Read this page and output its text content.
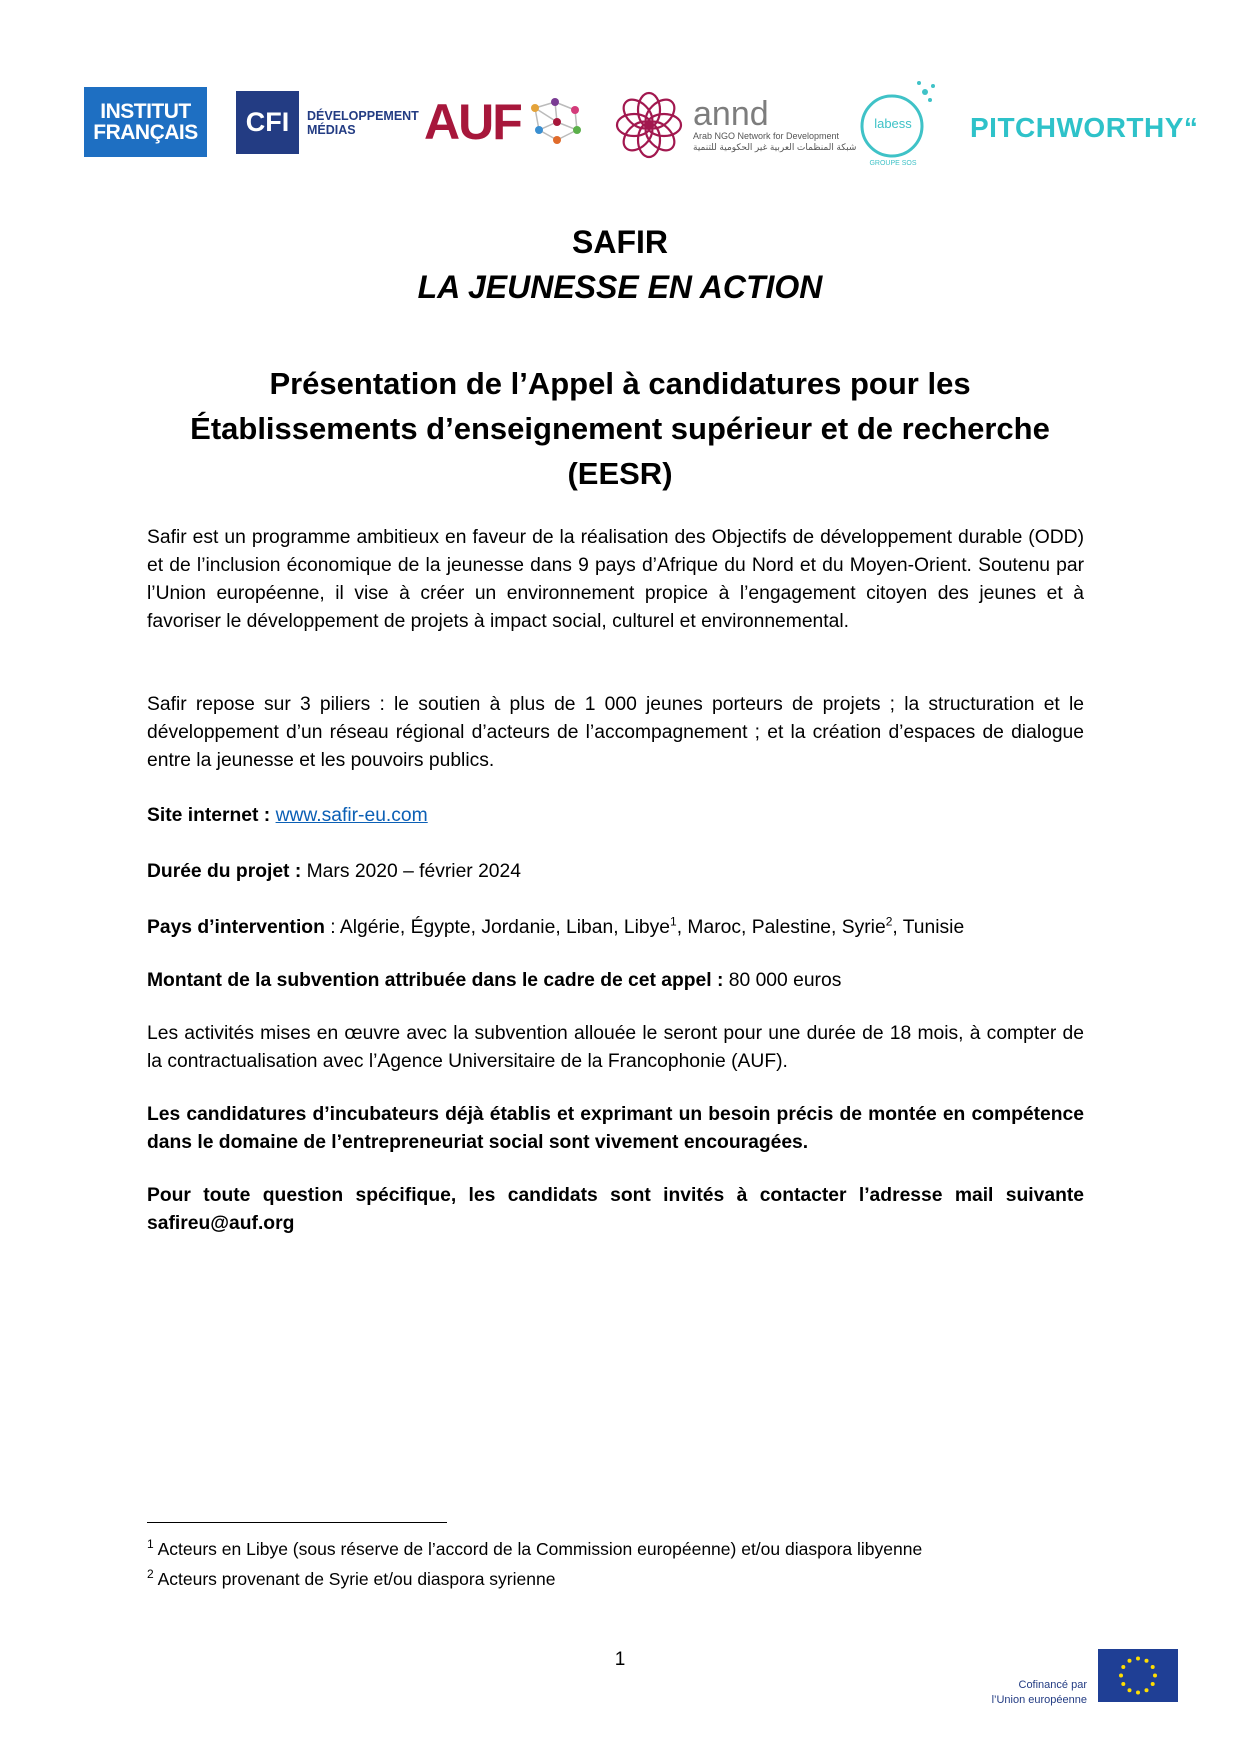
INSTITUT
FRANÇAIS	CFI	DÉVELOPPEMENT
MÉDIAS	AUF	annd
Arab NGO Network for Development
شبكة المنظمات العربية غير الحكومية للتنمية
labess
GROUPE SOS
PITCHWORTHY“
SAFIR
LA JEUNESSE EN ACTION
Présentation de l’Appel à candidatures pour les
Établissements d’enseignement supérieur et de recherche
(EESR)

Safir est un programme ambitieux en faveur de la réalisation des Objectifs de développement durable (ODD) et de l’inclusion économique de la jeunesse dans 9 pays d’Afrique du Nord et du Moyen-Orient. Soutenu par l’Union européenne, il vise à créer un environnement propice à l’engagement citoyen des jeunes et à favoriser le développement de projets à impact social, culturel et environnemental.

Safir repose sur 3 piliers : le soutien à plus de 1 000 jeunes porteurs de projets ; la structuration et le développement d’un réseau régional d’acteurs de l’accompagnement ; et la création d’espaces de dialogue entre la jeunesse et les pouvoirs publics.

Site internet : www.safir-eu.com

Durée du projet : Mars 2020 – février 2024

Pays d’intervention : Algérie, Égypte, Jordanie, Liban, Libye$^1$, Maroc, Palestine, Syrie$^2$, Tunisie

Montant de la subvention attribuée dans le cadre de cet appel : 80 000 euros

Les activités mises en œuvre avec la subvention allouée le seront pour une durée de 18 mois, à compter de la contractualisation avec l’Agence Universitaire de la Francophonie (AUF).

Les candidatures d’incubateurs déjà établis et exprimant un besoin précis de montée en compétence dans le domaine de l’entrepreneuriat social sont vivement encouragées.

Pour toute question spécifique, les candidats sont invités à contacter l’adresse mail suivante safireu@auf.org

$^1$ Acteurs en Libye (sous réserve de l’accord de la Commission européenne) et/ou diaspora libyenne
$^2$ Acteurs provenant de Syrie et/ou diaspora syrienne
1
Cofinancé par
l’Union européenne
